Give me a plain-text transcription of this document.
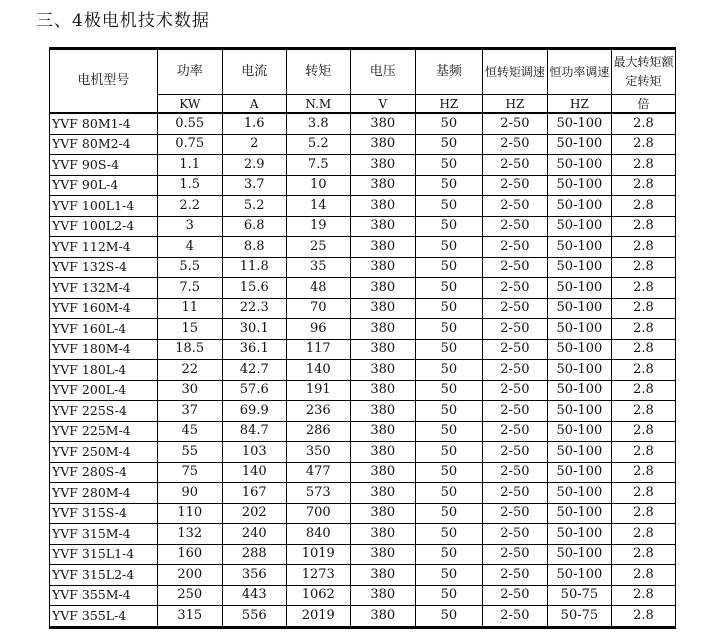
三、4极电机技术数据
电机型号	功率	电流	转矩	电压	基频	恒转矩调速	恒功率调速	最大转矩额定转矩
	KW	A	N.M	V	HZ	HZ	HZ	倍
YVF 80M1-4	0.55	1.6	3.8	380	50	2-50	50-100	2.8
YVF 80M2-4	0.75	2	5.2	380	50	2-50	50-100	2.8
YVF 90S-4	1.1	2.9	7.5	380	50	2-50	50-100	2.8
YVF 90L-4	1.5	3.7	10	380	50	2-50	50-100	2.8
YVF 100L1-4	2.2	5.2	14	380	50	2-50	50-100	2.8
YVF 100L2-4	3	6.8	19	380	50	2-50	50-100	2.8
YVF 112M-4	4	8.8	25	380	50	2-50	50-100	2.8
YVF 132S-4	5.5	11.8	35	380	50	2-50	50-100	2.8
YVF 132M-4	7.5	15.6	48	380	50	2-50	50-100	2.8
YVF 160M-4	11	22.3	70	380	50	2-50	50-100	2.8
YVF 160L-4	15	30.1	96	380	50	2-50	50-100	2.8
YVF 180M-4	18.5	36.1	117	380	50	2-50	50-100	2.8
YVF 180L-4	22	42.7	140	380	50	2-50	50-100	2.8
YVF 200L-4	30	57.6	191	380	50	2-50	50-100	2.8
YVF 225S-4	37	69.9	236	380	50	2-50	50-100	2.8
YVF 225M-4	45	84.7	286	380	50	2-50	50-100	2.8
YVF 250M-4	55	103	350	380	50	2-50	50-100	2.8
YVF 280S-4	75	140	477	380	50	2-50	50-100	2.8
YVF 280M-4	90	167	573	380	50	2-50	50-100	2.8
YVF 315S-4	110	202	700	380	50	2-50	50-100	2.8
YVF 315M-4	132	240	840	380	50	2-50	50-100	2.8
YVF 315L1-4	160	288	1019	380	50	2-50	50-100	2.8
YVF 315L2-4	200	356	1273	380	50	2-50	50-100	2.8
YVF 355M-4	250	443	1062	380	50	2-50	50-75	2.8
YVF 355L-4	315	556	2019	380	50	2-50	50-75	2.8
